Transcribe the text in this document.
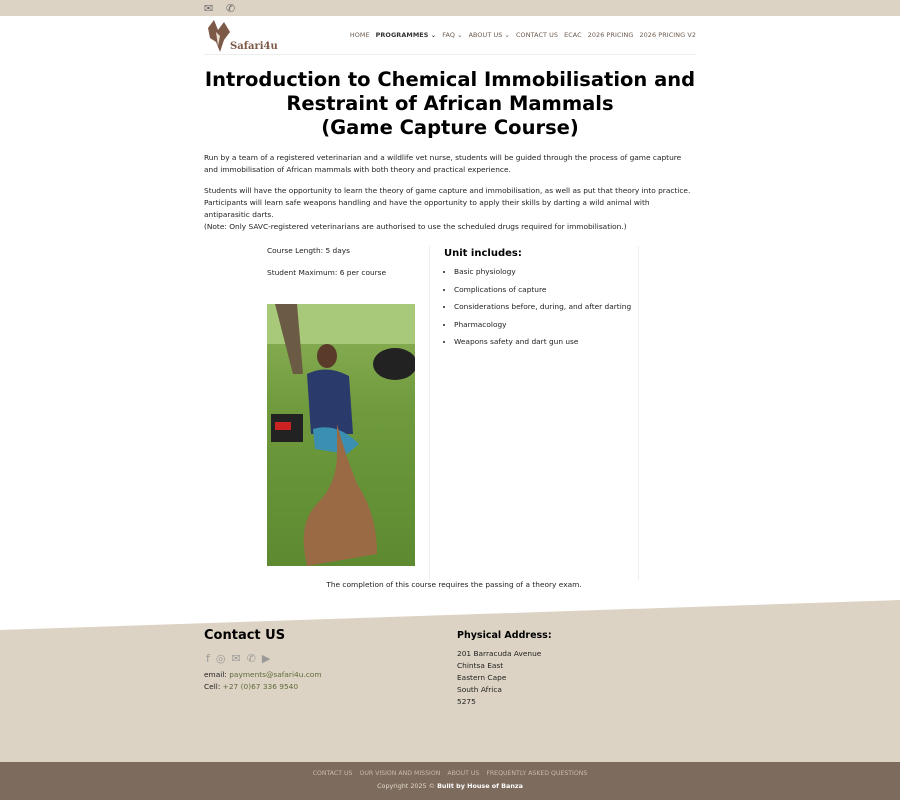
✉ ✆
Safari4u
HOME PROGRAMMES ⌄ FAQ ⌄ ABOUT US ⌄ CONTACT US ECAC 2026 PRICING 2026 PRICING V2
Introduction to Chemical Immobilisation and
Restraint of African Mammals
(Game Capture Course)

Run by a team of a registered veterinarian and a wildlife vet nurse, students will be guided through the process of game capture and immobilisation of African mammals with both theory and practical experience.

Students will have the opportunity to learn the theory of game capture and immobilisation, as well as put that theory into practice. Participants will learn safe weapons handling and have the opportunity to apply their skills by darting a wild animal with antiparasitic darts.
(Note: Only SAVC-registered veterinarians are authorised to use the scheduled drugs required for immobilisation.)
Course Length: 5 days
Student Maximum: 6 per course
Unit includes:
• Basic physiology
• Complications of capture
• Considerations before, during, and after darting
• Pharmacology
• Weapons safety and dart gun use
The completion of this course requires the passing of a theory exam.
Contact US
f ◎ ✉ ✆ ▶
email: payments@safari4u.com
Cell: +27 (0)67 336 9540
Physical Address:
201 Barracuda Avenue
Chintsa East
Eastern Cape
South Africa
5275
CONTACT US OUR VISION AND MISSION ABOUT US FREQUENTLY ASKED QUESTIONS
Copyright 2025 © Built by House of Banza
